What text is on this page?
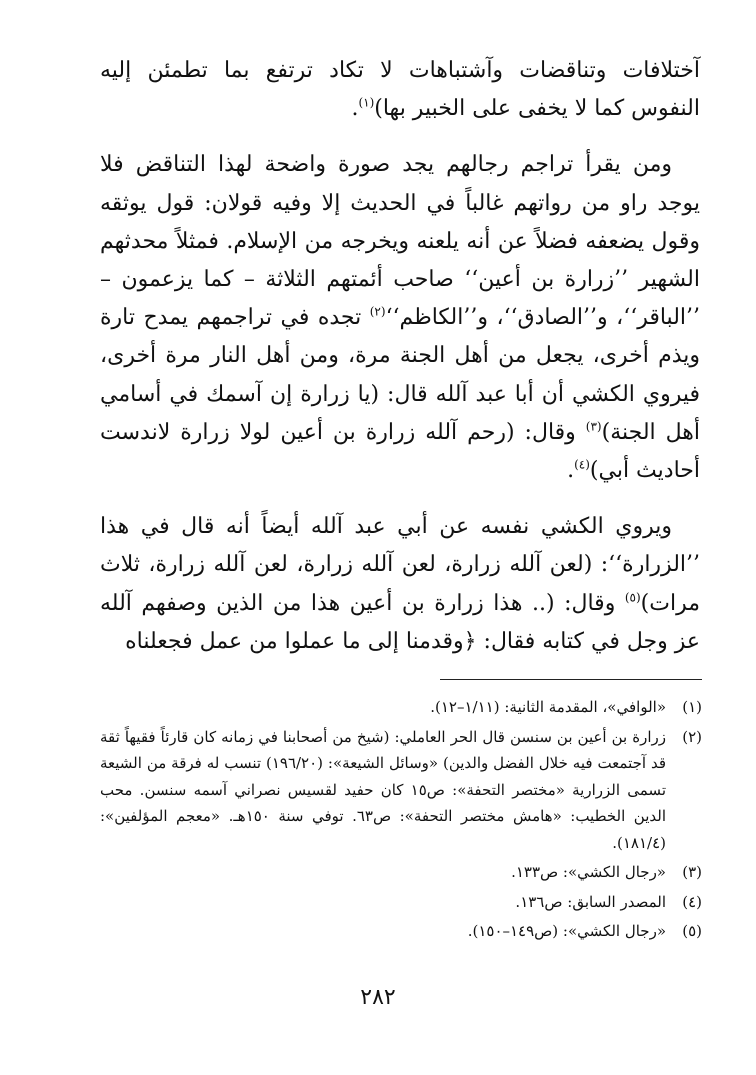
آختلافات وتناقضات وآشتباهات لا تكاد ترتفع بما تطمئن إليه النفوس كما لا يخفى على الخبير بها)$^{(١)}$.

ومن يقرأ تراجم رجالهم يجد صورة واضحة لهذا التناقض فلا يوجد راو من رواتهم غالباً في الحديث إلا وفيه قولان: قول يوثقه وقول يضعفه فضلاً عن أنه يلعنه ويخرجه من الإسلام. فمثلاً محدثهم الشهير ’’زرارة بن أعين‘‘ صاحب أئمتهم الثلاثة – كما يزعمون – ’’الباقر‘‘، و’’الصادق‘‘، و’’الكاظم‘‘$^{(٢)}$ تجده في تراجمهم يمدح تارة ويذم أخرى، يجعل من أهل الجنة مرة، ومن أهل النار مرة أخرى، فيروي الكشي أن أبا عبد آلله قال: (يا زرارة إن آسمك في أسامي أهل الجنة)$^{(٣)}$ وقال: (رحم آلله زرارة بن أعين لولا زرارة لاندست أحاديث أبي)$^{(٤)}$.

ويروي الكشي نفسه عن أبي عبد آلله أيضاً أنه قال في هذا ’’الزرارة‘‘: (لعن آلله زرارة، لعن آلله زرارة، لعن آلله زرارة، ثلاث مرات)$^{(٥)}$ وقال: (.. هذا زرارة بن أعين هذا من الذين وصفهم آلله عز وجل في كتابه فقال: ﴿وقدمنا إلى ما عملوا من عمل فجعلناه

(١)
«الوافي»، المقدمة الثانية: (١/١١–١٢).
(٢)
زرارة بن أعين بن سنسن قال الحر العاملي: (شيخ من أصحابنا في زمانه كان قارئاً فقيهاً ثقة قد آجتمعت فيه خلال الفضل والدين) «وسائل الشيعة»: (١٩٦/٢٠) تنسب له فرقة من الشيعة تسمى الزرارية «مختصر التحفة»: ص١٥ كان حفيد لقسيس نصراني آسمه سنسن. محب الدين الخطيب: «هامش مختصر التحفة»: ص٦٣. توفي سنة ١٥٠هـ. «معجم المؤلفين»: (١٨١/٤).
(٣)
«رجال الكشي»: ص١٣٣.
(٤)
المصدر السابق: ص١٣٦.
(٥)
«رجال الكشي»: (ص١٤٩–١٥٠).
٢٨٢
